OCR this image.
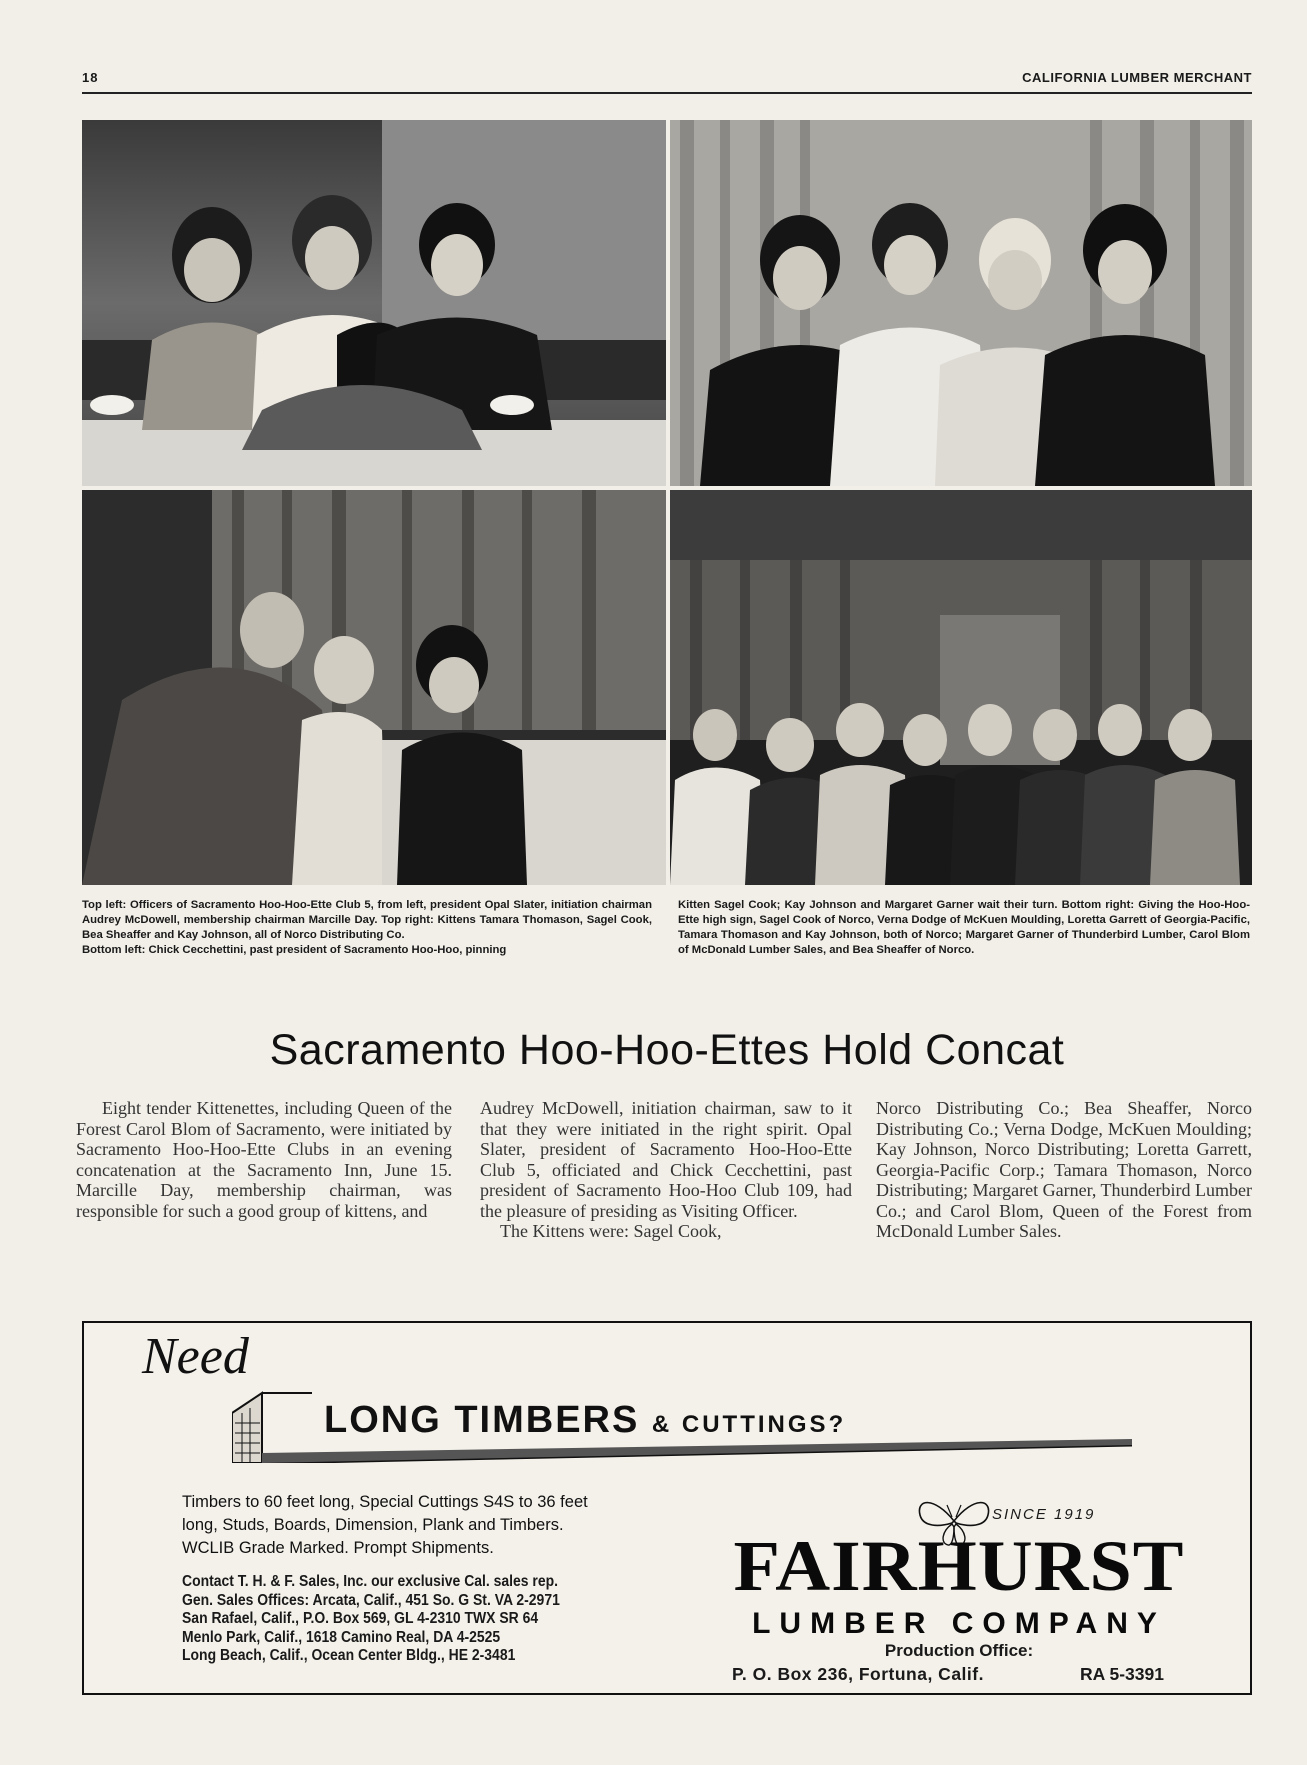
18	CALIFORNIA LUMBER MERCHANT

Top left: Officers of Sacramento Hoo-Hoo-Ette Club 5, from left, president Opal Slater, initiation chairman Audrey McDowell, membership chairman Marcille Day. Top right: Kittens Tamara Thomason, Sagel Cook, Bea Sheaffer and Kay Johnson, all of Norco Distributing Co.

Bottom left: Chick Cecchettini, past president of Sacramento Hoo-Hoo, pinning

Kitten Sagel Cook; Kay Johnson and Margaret Garner wait their turn. Bottom right: Giving the Hoo-Hoo-Ette high sign, Sagel Cook of Norco, Verna Dodge of McKuen Moulding, Loretta Garrett of Georgia-Pacific, Tamara Thomason and Kay Johnson, both of Norco; Margaret Garner of Thunderbird Lumber, Carol Blom of McDonald Lumber Sales, and Bea Sheaffer of Norco.

Sacramento Hoo-Hoo-Ettes Hold Concat

Eight tender Kittenettes, including Queen of the Forest Carol Blom of Sacramento, were initiated by Sacramento Hoo-Hoo-Ette Clubs in an evening concatenation at the Sacramento Inn, June 15. Marcille Day, membership chairman, was responsible for such a good group of kittens, and

Audrey McDowell, initiation chairman, saw to it that they were initiated in the right spirit. Opal Slater, president of Sacramento Hoo-Hoo-Ette Club 5, officiated and Chick Cecchettini, past president of Sacramento Hoo-Hoo Club 109, had the pleasure of presiding as Visiting Officer.
The Kittens were: Sagel Cook,

Norco Distributing Co.; Bea Sheaffer, Norco Distributing Co.; Verna Dodge, McKuen Moulding; Kay Johnson, Norco Distributing; Loretta Garrett, Georgia-Pacific Corp.; Tamara Thomason, Norco Distributing; Margaret Garner, Thunderbird Lumber Co.; and Carol Blom, Queen of the Forest from McDonald Lumber Sales.

Need
LONG TIMBERS & CUTTINGS?

Timbers to 60 feet long, Special Cuttings S4S to 36 feet

long, Studs, Boards, Dimension, Plank and Timbers.

WCLIB Grade Marked. Prompt Shipments.

Contact T. H. & F. Sales, Inc. our exclusive Cal. sales rep.
Gen. Sales Offices: Arcata, Calif., 451 So. G St. VA 2-2971
San Rafael, Calif., P.O. Box 569, GL 4-2310 TWX SR 64
Menlo Park, Calif., 1618 Camino Real, DA 4-2525
Long Beach, Calif., Ocean Center Bldg., HE 2-3481
SINCE 1919
FAIRHURST
LUMBER COMPANY
Production Office:
P. O. Box 236, Fortuna, Calif.	RA 5-3391
